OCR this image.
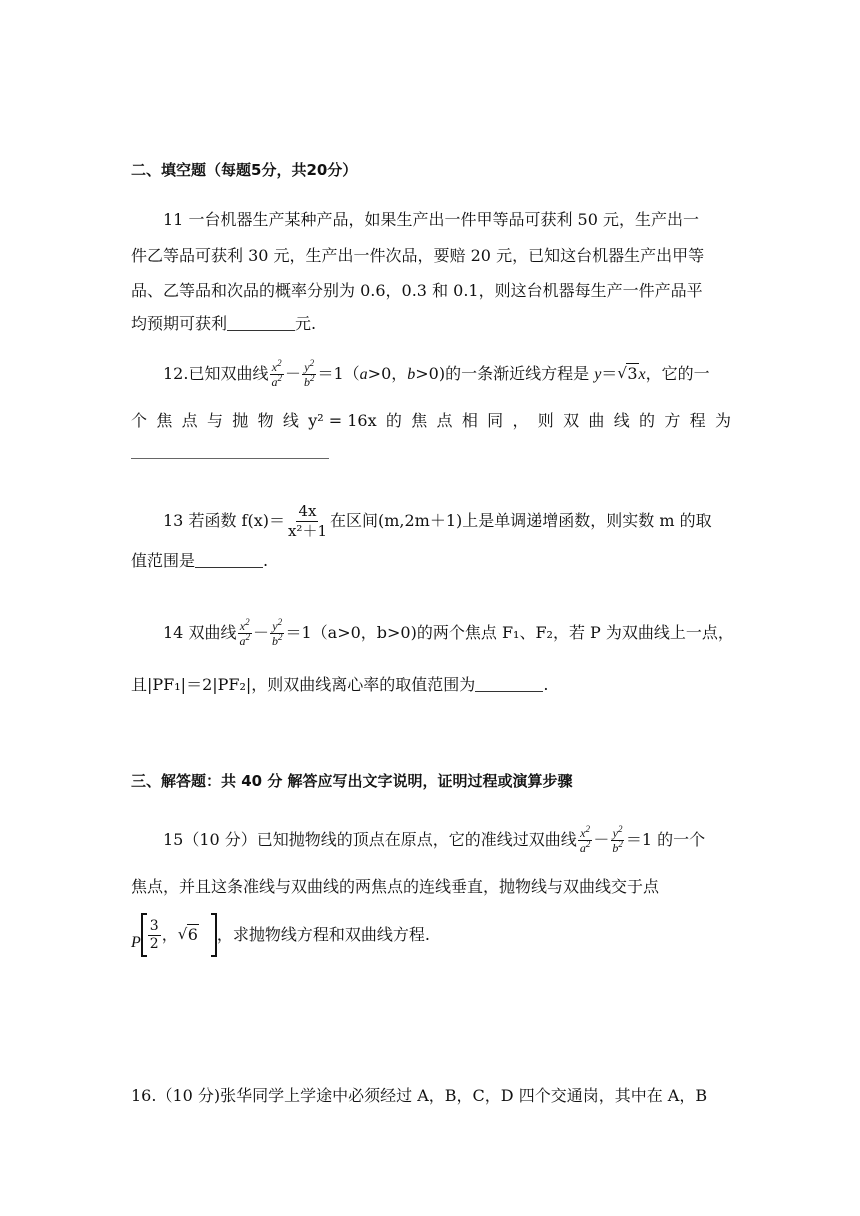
二、填空题（每题5分，共20分）
11 一台机器生产某种产品，如果生产出一件甲等品可获利 50 元，生产出一
件乙等品可获利 30 元，生产出一件次品，要赔 20 元，已知这台机器生产出甲等
品、乙等品和次品的概率分别为 0.6，0.3 和 0.1，则这台机器每生产一件产品平
均预期可获利	元.
12.已知双曲线 $\frac{x^2}{a^2} - \frac{y^2}{b^2} =1(a>0$，b>0)的一条渐近线方程是 y＝ √ 3x，它的一
个 焦 点 与 抛 物 线 y² = 16x 的 焦 点 相 同 ， 则 双 曲 线 的 方 程 为
13 若函数 $f(x)= \frac{4x}{\text{x²＋1}}$ 在区间(m,2m＋1)上是单调递增函数，则实数 m 的取
值范围是	.
14 双曲线 $\frac{x^2}{a^2} - \frac{y^2}{b^2} =1(a>0$，b>0)的两个焦点 F₁、F₂，若 P 为双曲线上一点，
且|PF₁|＝2|PF₂|，则双曲线离心率的取值范围为	.
三、解答题：共 40 分 解答应写出文字说明，证明过程或演算步骤
15（10 分）已知抛物线的顶点在原点，它的准线过双曲线 $\frac{x^2}{a^2} - \frac{y^2}{b^2} =1$ 的一个
焦点，并且这条准线与双曲线的两焦点的连线垂直，抛物线与双曲线交于点
P $\frac{3}{2}$ ， √ 6 ，求抛物线方程和双曲线方程.
16.（10 分)张华同学上学途中必须经过 A，B，C，D 四个交通岗，其中在 A，B
